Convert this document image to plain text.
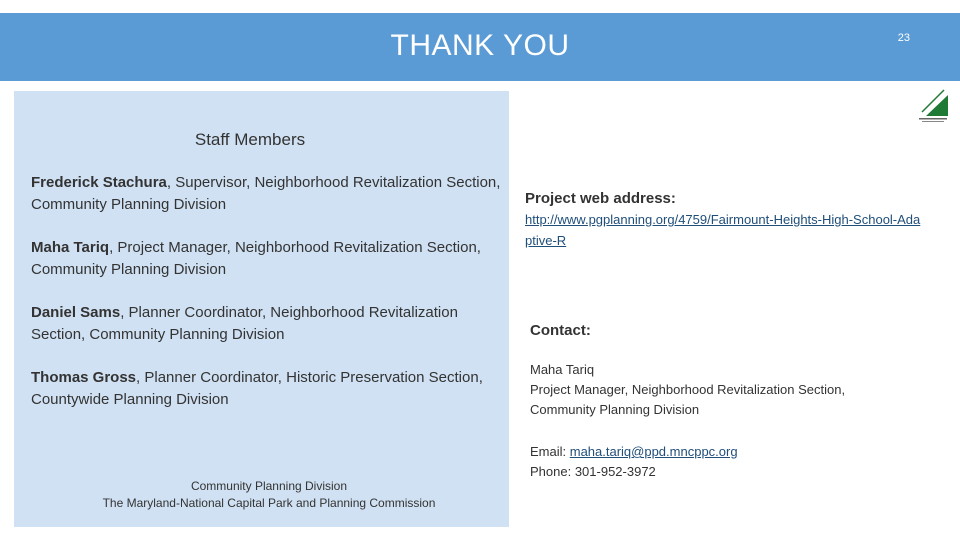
THANK YOU	23
Staff Members
Frederick Stachura, Supervisor, Neighborhood Revitalization Section, Community Planning Division
Maha Tariq, Project Manager, Neighborhood Revitalization Section, Community Planning Division
Daniel Sams, Planner Coordinator, Neighborhood Revitalization Section, Community Planning Division
Thomas Gross, Planner Coordinator, Historic Preservation Section, Countywide Planning Division
Community Planning Division
The Maryland-National Capital Park and Planning Commission
Project web address:
http://www.pgplanning.org/4759/Fairmount-Heights-High-School-Adaptive-R
Contact:
Maha Tariq
Project Manager, Neighborhood Revitalization Section,
Community Planning Division
Email: maha.tariq@ppd.mncppc.org
Phone: 301-952-3972
